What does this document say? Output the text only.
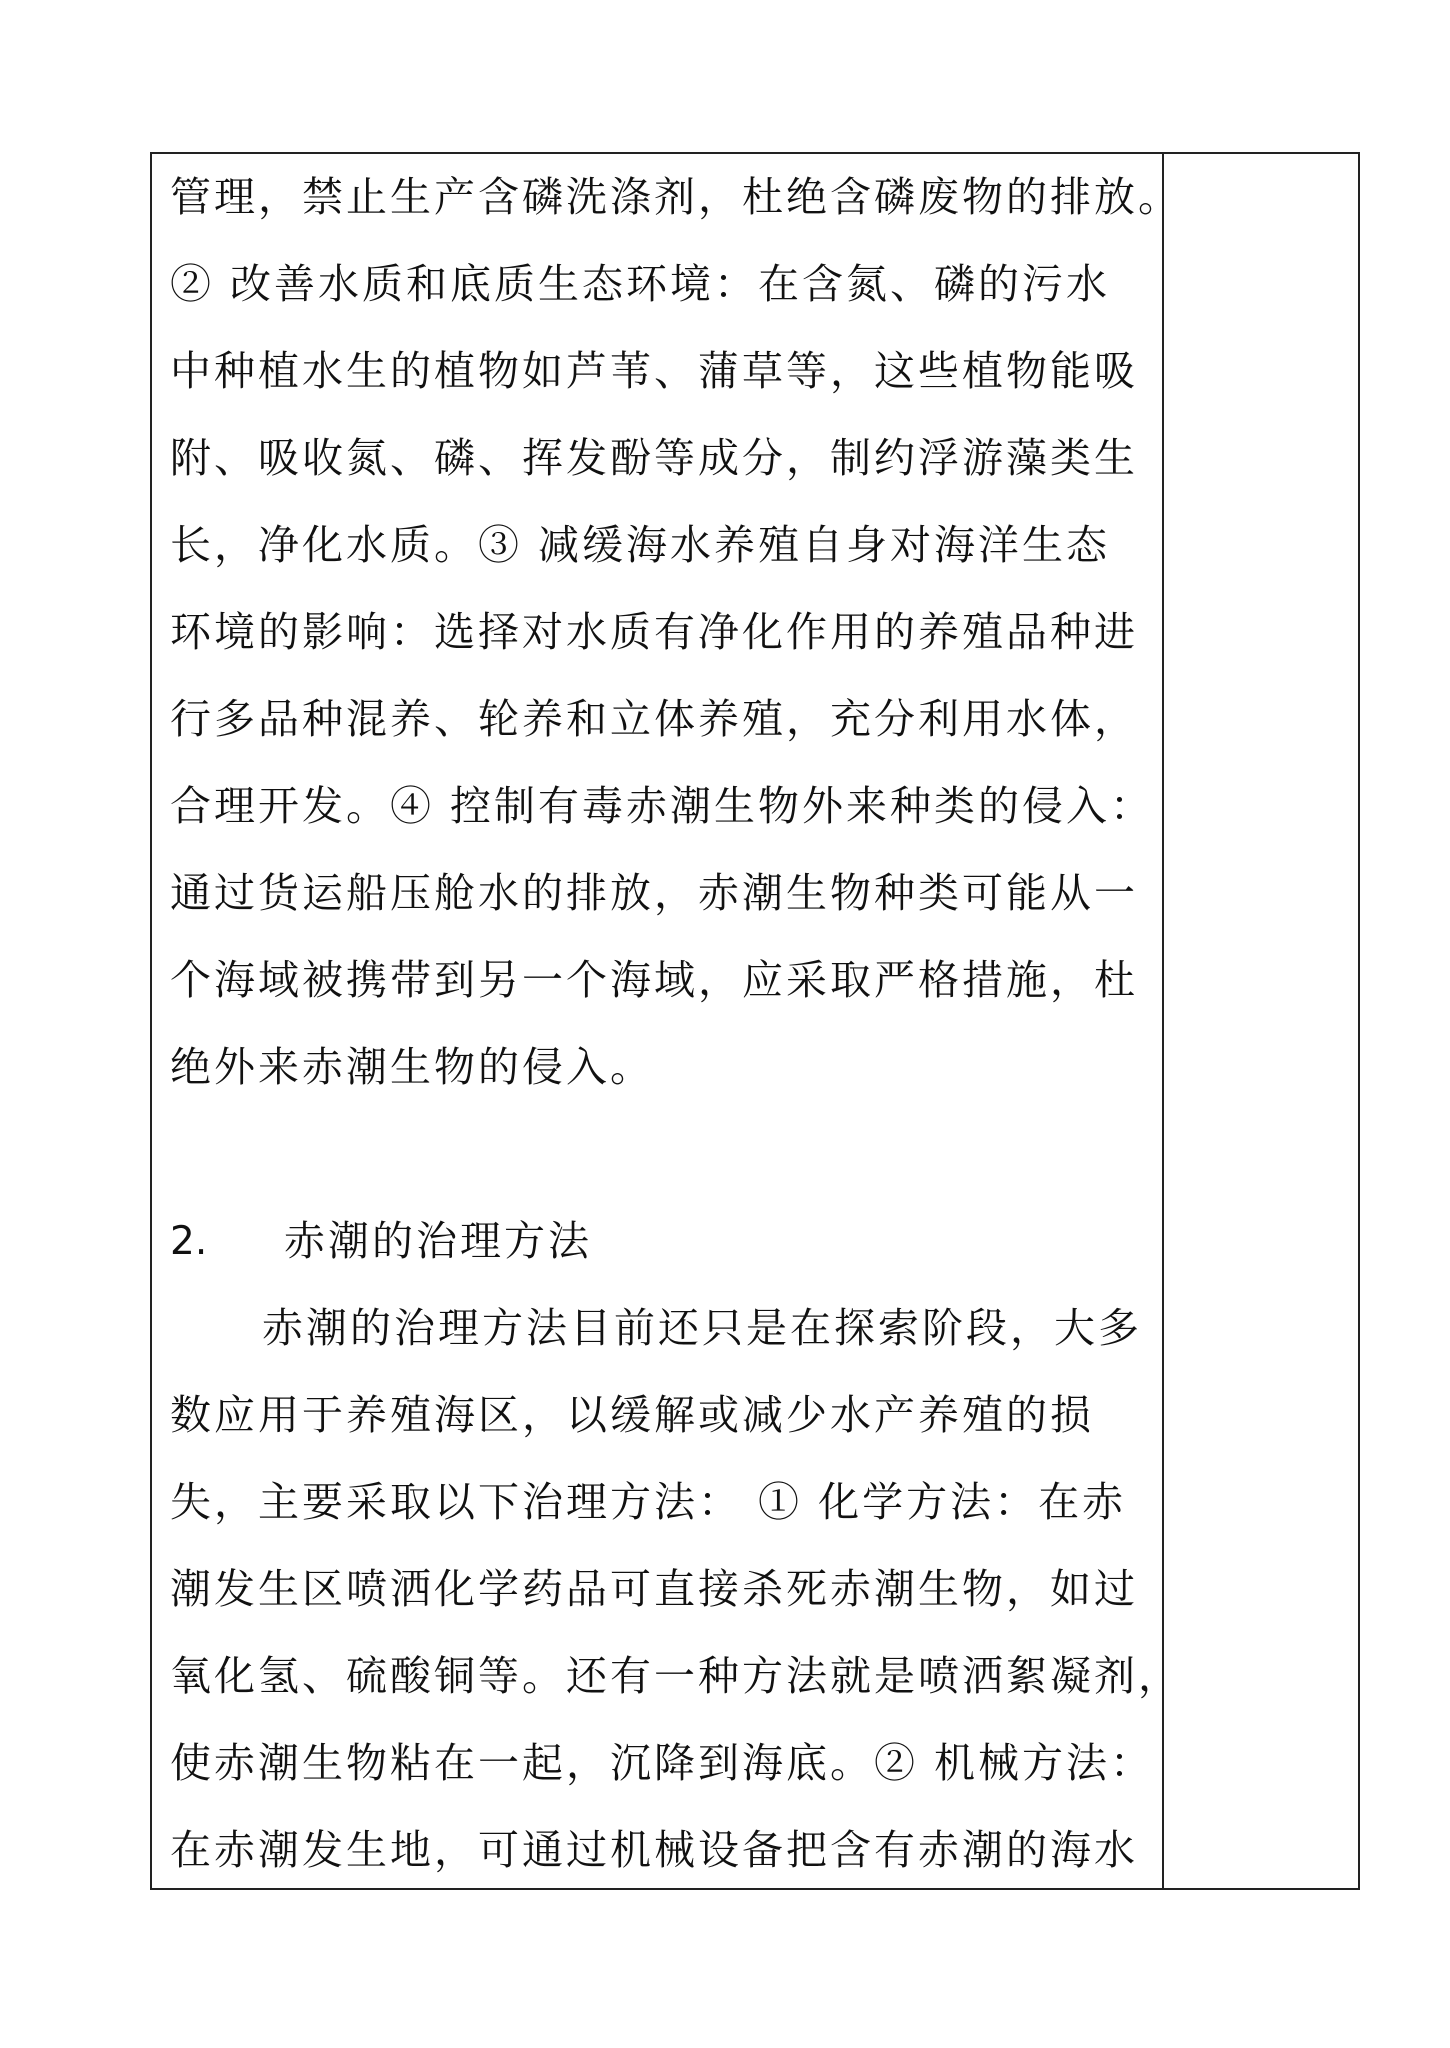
管理，禁止生产含磷洗涤剂，杜绝含磷废物的排放。
② 改善水质和底质生态环境：在含氮、磷的污水
中种植水生的植物如芦苇、蒲草等，这些植物能吸
附、吸收氮、磷、挥发酚等成分，制约浮游藻类生
长，净化水质。③ 减缓海水养殖自身对海洋生态
环境的影响：选择对水质有净化作用的养殖品种进
行多品种混养、轮养和立体养殖，充分利用水体，
合理开发。④ 控制有毒赤潮生物外来种类的侵入：
通过货运船压舱水的排放，赤潮生物种类可能从一
个海域被携带到另一个海域，应采取严格措施，杜
绝外来赤潮生物的侵入。
2.	赤潮的治理方法
赤潮的治理方法目前还只是在探索阶段，大多
数应用于养殖海区，以缓解或减少水产养殖的损
失，主要采取以下治理方法： ① 化学方法：在赤
潮发生区喷洒化学药品可直接杀死赤潮生物，如过
氧化氢、硫酸铜等。还有一种方法就是喷洒絮凝剂，
使赤潮生物粘在一起，沉降到海底。② 机械方法：
在赤潮发生地，可通过机械设备把含有赤潮的海水
